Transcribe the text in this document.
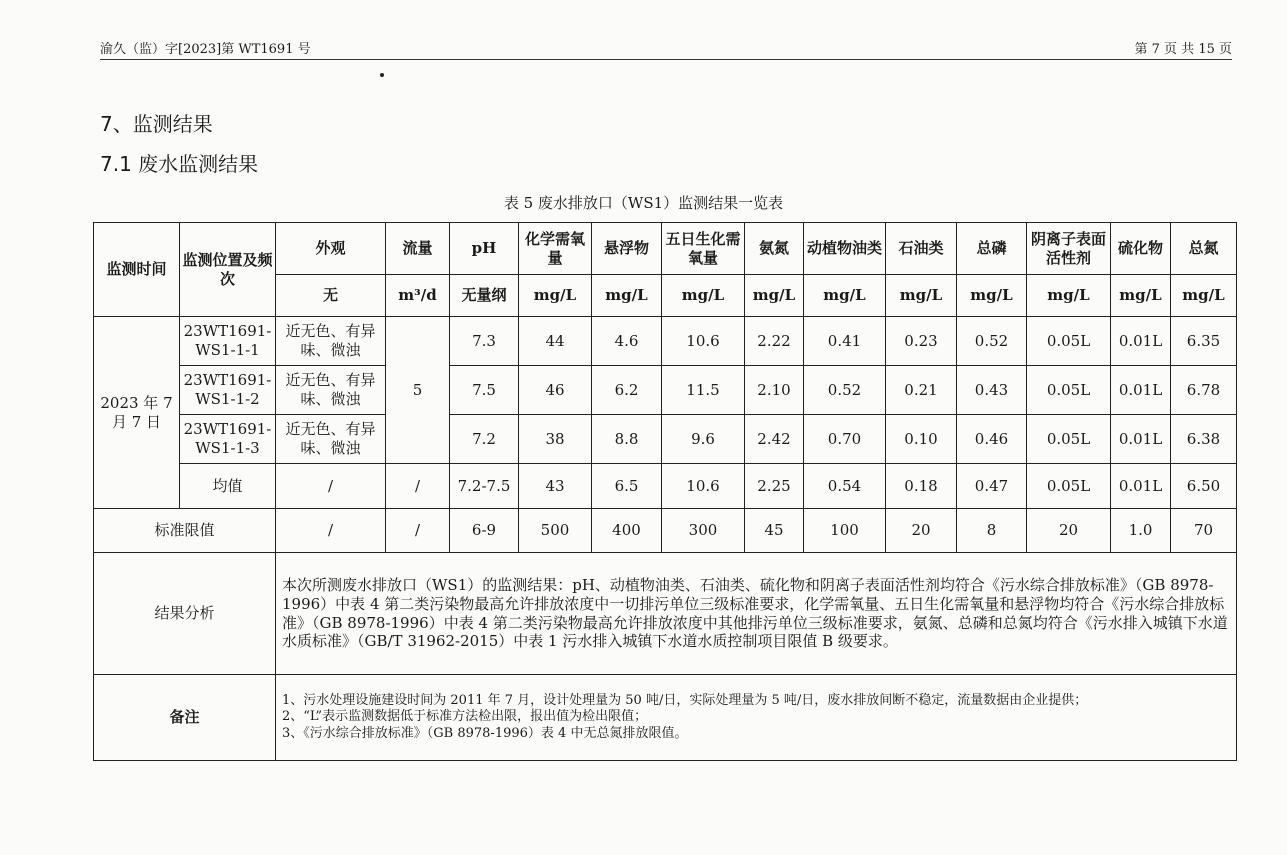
渝久（监）字[2023]第 WT1691 号	第 7 页 共 15 页
7、监测结果
7.1 废水监测结果
表 5 废水排放口（WS1）监测结果一览表
监测时间	监测位置及频次	外观	流量	pH	化学需氧量	悬浮物	五日生化需氧量	氨氮	动植物油类	石油类	总磷	阴离子表面活性剂	硫化物	总氮
		无	m³/d	无量纲	mg/L	mg/L	mg/L	mg/L	mg/L	mg/L	mg/L	mg/L	mg/L	mg/L
2023 年 7 月 7 日	23WT1691-WS1-1-1	近无色、有异味、微浊	5	7.3	44	4.6	10.6	2.22	0.41	0.23	0.52	0.05L	0.01L	6.35
	23WT1691-WS1-1-2	近无色、有异味、微浊		7.5	46	6.2	11.5	2.10	0.52	0.21	0.43	0.05L	0.01L	6.78
	23WT1691-WS1-1-3	近无色、有异味、微浊		7.2	38	8.8	9.6	2.42	0.70	0.10	0.46	0.05L	0.01L	6.38
	均值	/	/	7.2-7.5	43	6.5	10.6	2.25	0.54	0.18	0.47	0.05L	0.01L	6.50
标准限值		/	/	6-9	500	400	300	45	100	20	8	20	1.0	70
结果分析		本次所测废水排放口（WS1）的监测结果：pH、动植物油类、石油类、硫化物和阴离子表面活性剂均符合《污水综合排放标准》（GB 8978-1996）中表 4 第二类污染物最高允许排放浓度中一切排污单位三级标准要求，化学需氧量、五日生化需氧量和悬浮物均符合《污水综合排放标准》（GB 8978-1996）中表 4 第二类污染物最高允许排放浓度中其他排污单位三级标准要求，氨氮、总磷和总氮均符合《污水排入城镇下水道水质标准》（GB/T 31962-2015）中表 1 污水排入城镇下水道水质控制项目限值 B 级要求。												
备注		1、污水处理设施建设时间为 2011 年 7 月，设计处理量为 50 吨/日，实际处理量为 5 吨/日，废水排放间断不稳定，流量数据由企业提供；
2、“L”表示监测数据低于标准方法检出限，报出值为检出限值；
3、《污水综合排放标准》（GB 8978-1996）表 4 中无总氮排放限值。												
